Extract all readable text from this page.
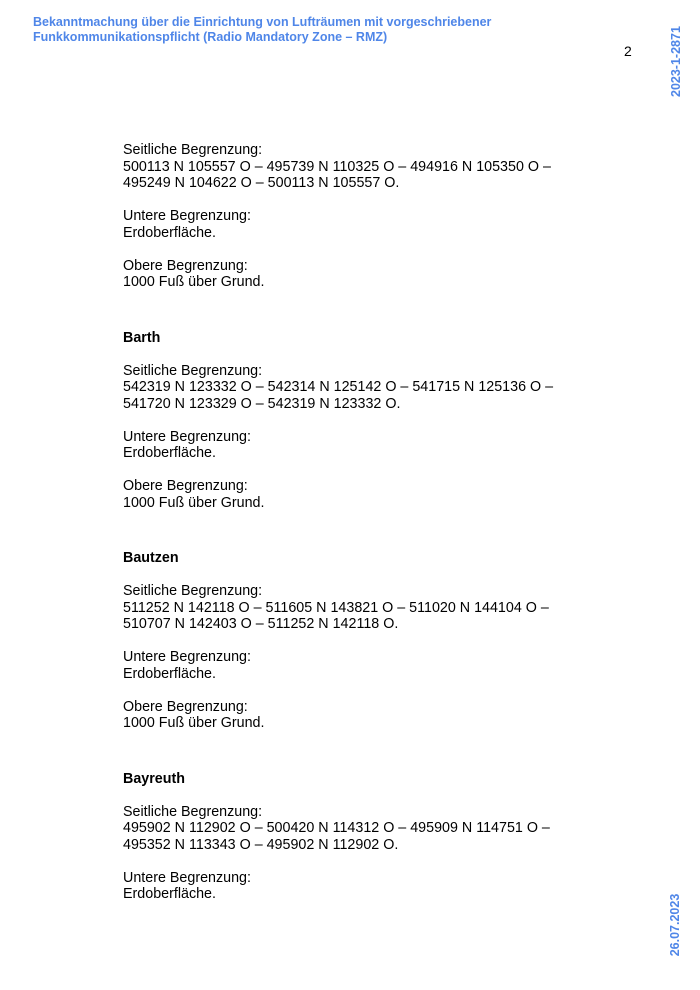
Bekanntmachung über die Einrichtung von Lufträumen mit vorgeschriebener Funkkommunikationspflicht (Radio Mandatory Zone – RMZ)
2	2023-1-2871
26.07.2023
Seitliche Begrenzung:
500113 N 105557 O – 495739 N 110325 O – 494916 N 105350 O –
495249 N 104622 O – 500113 N 105557 O.
Untere Begrenzung:
Erdoberfläche.
Obere Begrenzung:
1000 Fuß über Grund.
Barth
Seitliche Begrenzung:
542319 N 123332 O – 542314 N 125142 O – 541715 N 125136 O –
541720 N 123329 O – 542319 N 123332 O.
Untere Begrenzung:
Erdoberfläche.
Obere Begrenzung:
1000 Fuß über Grund.
Bautzen
Seitliche Begrenzung:
511252 N 142118 O – 511605 N 143821 O – 511020 N 144104 O –
510707 N 142403 O – 511252 N 142118 O.
Untere Begrenzung:
Erdoberfläche.
Obere Begrenzung:
1000 Fuß über Grund.
Bayreuth
Seitliche Begrenzung:
495902 N 112902 O – 500420 N 114312 O – 495909 N 114751 O –
495352 N 113343 O – 495902 N 112902 O.
Untere Begrenzung:
Erdoberfläche.
